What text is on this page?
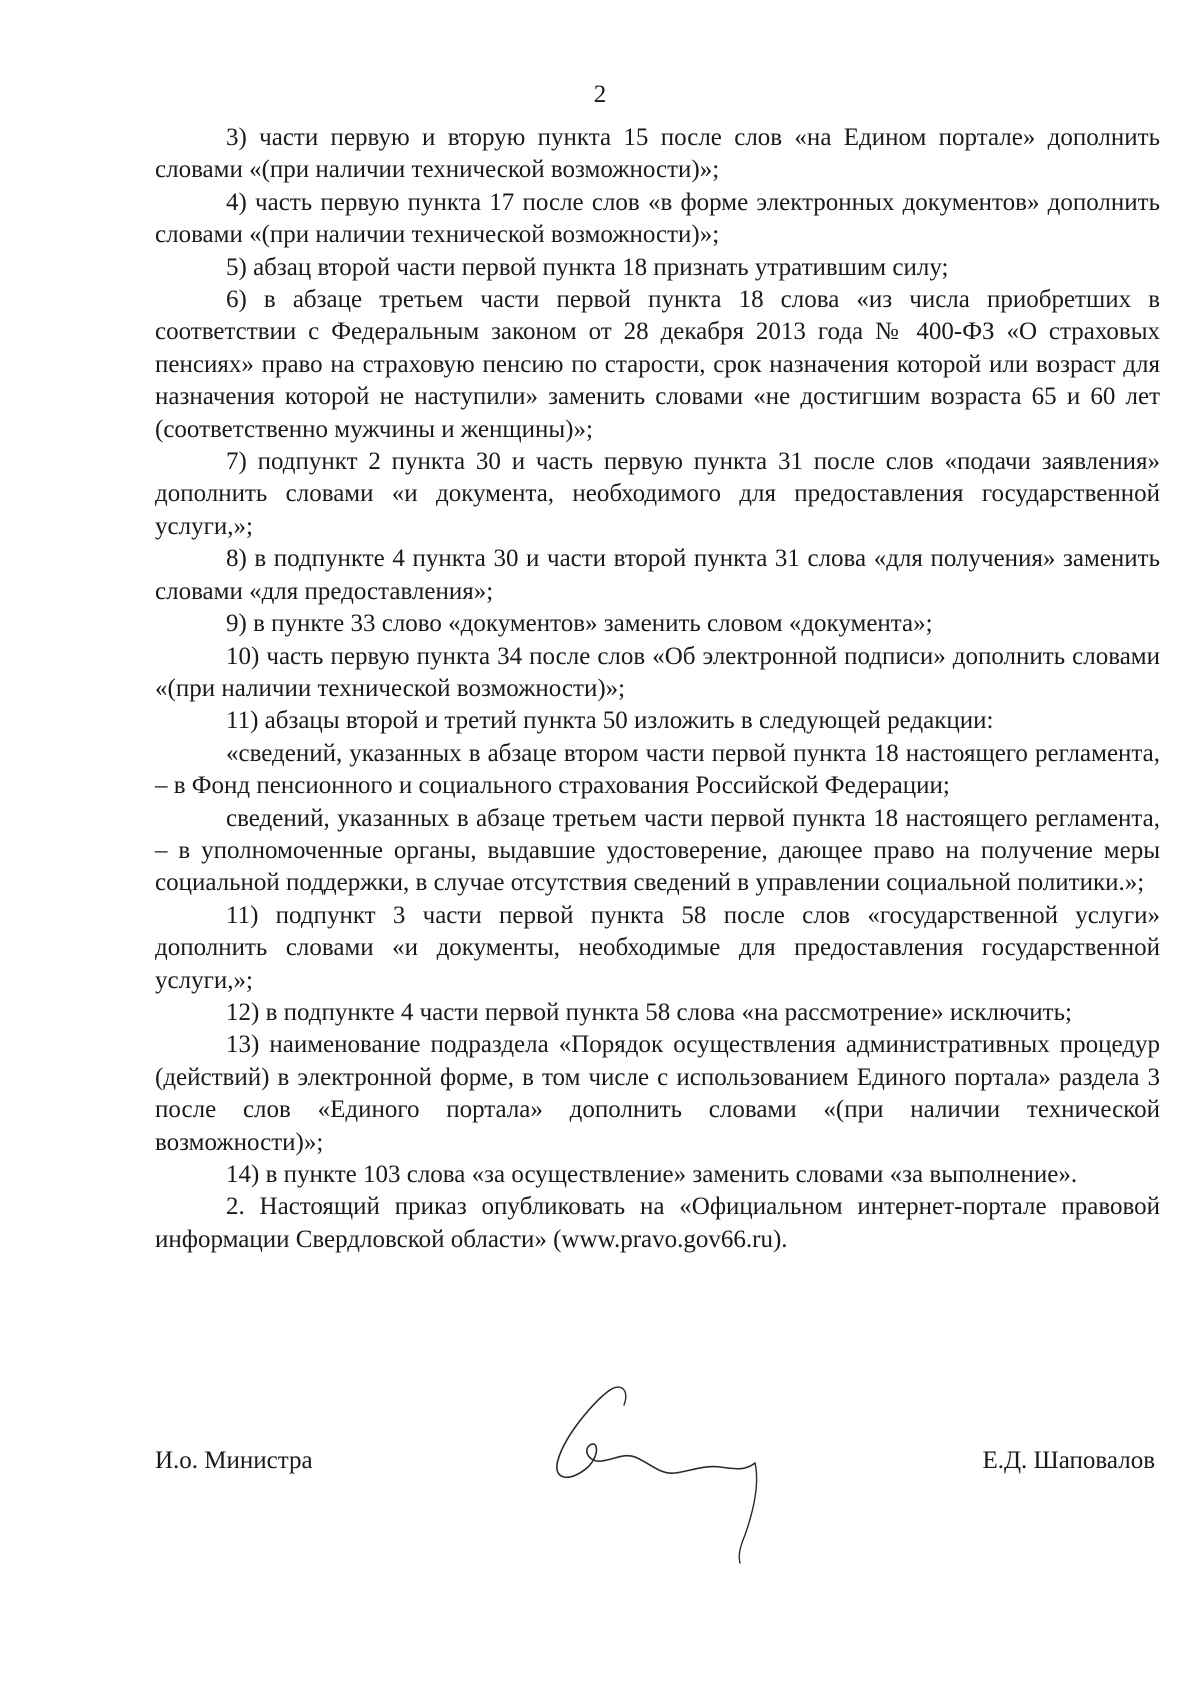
2

3) части первую и вторую пункта 15 после слов «на Едином портале» дополнить словами «(при наличии технической возможности)»;

4) часть первую пункта 17 после слов «в форме электронных документов» дополнить словами «(при наличии технической возможности)»;

5) абзац второй части первой пункта 18 признать утратившим силу;

6) в абзаце третьем части первой пункта 18 слова «из числа приобретших в соответствии с Федеральным законом от 28 декабря 2013 года № 400-ФЗ «О страховых пенсиях» право на страховую пенсию по старости, срок назначения которой или возраст для назначения которой не наступили» заменить словами «не достигшим возраста 65 и 60 лет (соответственно мужчины и женщины)»;

7) подпункт 2 пункта 30 и часть первую пункта 31 после слов «подачи заявления» дополнить словами «и документа, необходимого для предоставления государственной услуги,»;

8) в подпункте 4 пункта 30 и части второй пункта 31 слова «для получения» заменить словами «для предоставления»;

9) в пункте 33 слово «документов» заменить словом «документа»;

10) часть первую пункта 34 после слов «Об электронной подписи» дополнить словами «(при наличии технической возможности)»;

11) абзацы второй и третий пункта 50 изложить в следующей редакции:

«сведений, указанных в абзаце втором части первой пункта 18 настоящего регламента, – в Фонд пенсионного и социального страхования Российской Федерации;

сведений, указанных в абзаце третьем части первой пункта 18 настоящего регламента, – в уполномоченные органы, выдавшие удостоверение, дающее право на получение меры социальной поддержки, в случае отсутствия сведений в управлении социальной политики.»;

11) подпункт 3 части первой пункта 58 после слов «государственной услуги» дополнить словами «и документы, необходимые для предоставления государственной услуги,»;

12) в подпункте 4 части первой пункта 58 слова «на рассмотрение» исключить;

13) наименование подраздела «Порядок осуществления административных процедур (действий) в электронной форме, в том числе с использованием Единого портала» раздела 3 после слов «Единого портала» дополнить словами «(при наличии технической возможности)»;

14) в пункте 103 слова «за осуществление» заменить словами «за выполнение».

2. Настоящий приказ опубликовать на «Официальном интернет-портале правовой информации Свердловской области» (www.pravo.gov66.ru).

И.о. Министра	Е.Д. Шаповалов
